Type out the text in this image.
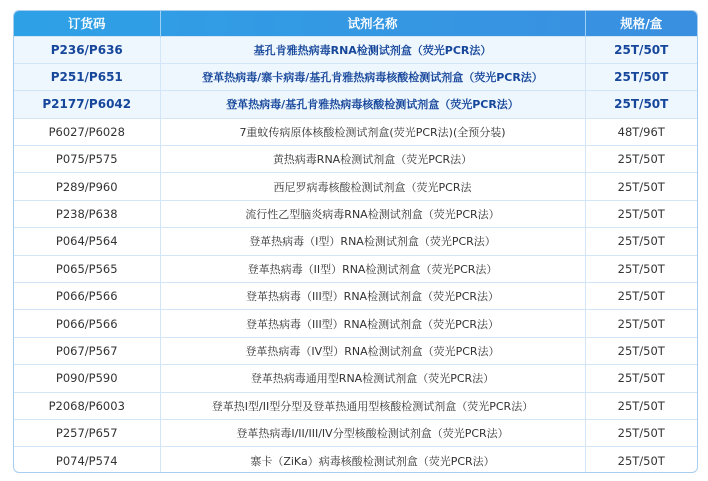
订货码	试剂名称	规格/盒
P236/P636	基孔肯雅热病毒RNA检测试剂盒（荧光PCR法）	25T/50T
P251/P651	登革热病毒/寨卡病毒/基孔肯雅热病毒核酸检测试剂盒（荧光PCR法）	25T/50T
P2177/P6042	登革热病毒/基孔肯雅热病毒核酸检测试剂盒（荧光PCR法）	25T/50T
P6027/P6028	7重蚊传病原体核酸检测试剂盒(荧光PCR法)(全预分装)	48T/96T
P075/P575	黄热病毒RNA检测试剂盒（荧光PCR法）	25T/50T
P289/P960	西尼罗病毒核酸检测试剂盒（荧光PCR法	25T/50T
P238/P638	流行性乙型脑炎病毒RNA检测试剂盒（荧光PCR法）	25T/50T
P064/P564	登革热病毒（I型）RNA检测试剂盒（荧光PCR法）	25T/50T
P065/P565	登革热病毒（II型）RNA检测试剂盒（荧光PCR法）	25T/50T
P066/P566	登革热病毒（III型）RNA检测试剂盒（荧光PCR法）	25T/50T
P066/P566	登革热病毒（III型）RNA检测试剂盒（荧光PCR法）	25T/50T
P067/P567	登革热病毒（IV型）RNA检测试剂盒（荧光PCR法）	25T/50T
P090/P590	登革热病毒通用型RNA检测试剂盒（荧光PCR法）	25T/50T
P2068/P6003	登革热I型/II型分型及登革热通用型核酸检测试剂盒（荧光PCR法）	25T/50T
P257/P657	登革热病毒I/II/III/IV分型核酸检测试剂盒（荧光PCR法）	25T/50T
P074/P574	寨卡（ZiKa）病毒核酸检测试剂盒（荧光PCR法）	25T/50T
